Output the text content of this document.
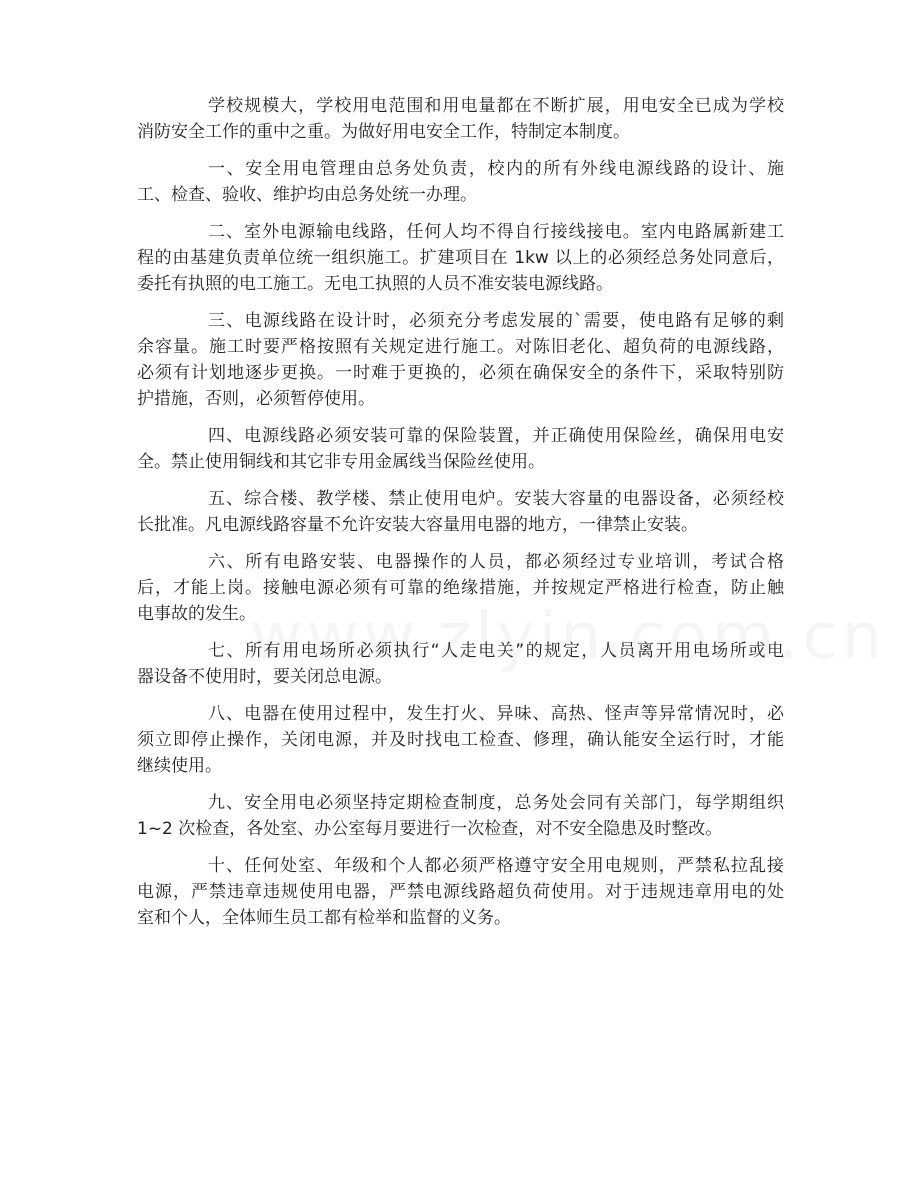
学校规模大，学校用电范围和用电量都在不断扩展，用电安全已成为学校
消防安全工作的重中之重。为做好用电安全工作，特制定本制度。

一、安全用电管理由总务处负责，校内的所有外线电源线路的设计、施
工、检查、验收、维护均由总务处统一办理。

二、室外电源输电线路，任何人均不得自行接线接电。室内电路属新建工
程的由基建负责单位统一组织施工。扩建项目在 1kw 以上的必须经总务处同意后，
委托有执照的电工施工。无电工执照的人员不准安装电源线路。

三、电源线路在设计时，必须充分考虑发展的`需要，使电路有足够的剩
余容量。施工时要严格按照有关规定进行施工。对陈旧老化、超负荷的电源线路，
必须有计划地逐步更换。一时难于更换的，必须在确保安全的条件下，采取特别防
护措施，否则，必须暂停使用。

四、电源线路必须安装可靠的保险装置，并正确使用保险丝，确保用电安
全。禁止使用铜线和其它非专用金属线当保险丝使用。

五、综合楼、教学楼、禁止使用电炉。安装大容量的电器设备，必须经校
长批准。凡电源线路容量不允许安装大容量用电器的地方，一律禁止安装。

六、所有电路安装、电器操作的人员，都必须经过专业培训，考试合格
后，才能上岗。接触电源必须有可靠的绝缘措施，并按规定严格进行检查，防止触
电事故的发生。

七、所有用电场所必须执行“人走电关”的规定，人员离开用电场所或电
器设备不使用时，要关闭总电源。

八、电器在使用过程中，发生打火、异味、高热、怪声等异常情况时，必
须立即停止操作，关闭电源，并及时找电工检查、修理，确认能安全运行时，才能
继续使用。

九、安全用电必须坚持定期检查制度，总务处会同有关部门，每学期组织
1~2 次检查，各处室、办公室每月要进行一次检查，对不安全隐患及时整改。

十、任何处室、年级和个人都必须严格遵守安全用电规则，严禁私拉乱接
电源，严禁违章违规使用电器，严禁电源线路超负荷使用。对于违规违章用电的处
室和个人，全体师生员工都有检举和监督的义务。
